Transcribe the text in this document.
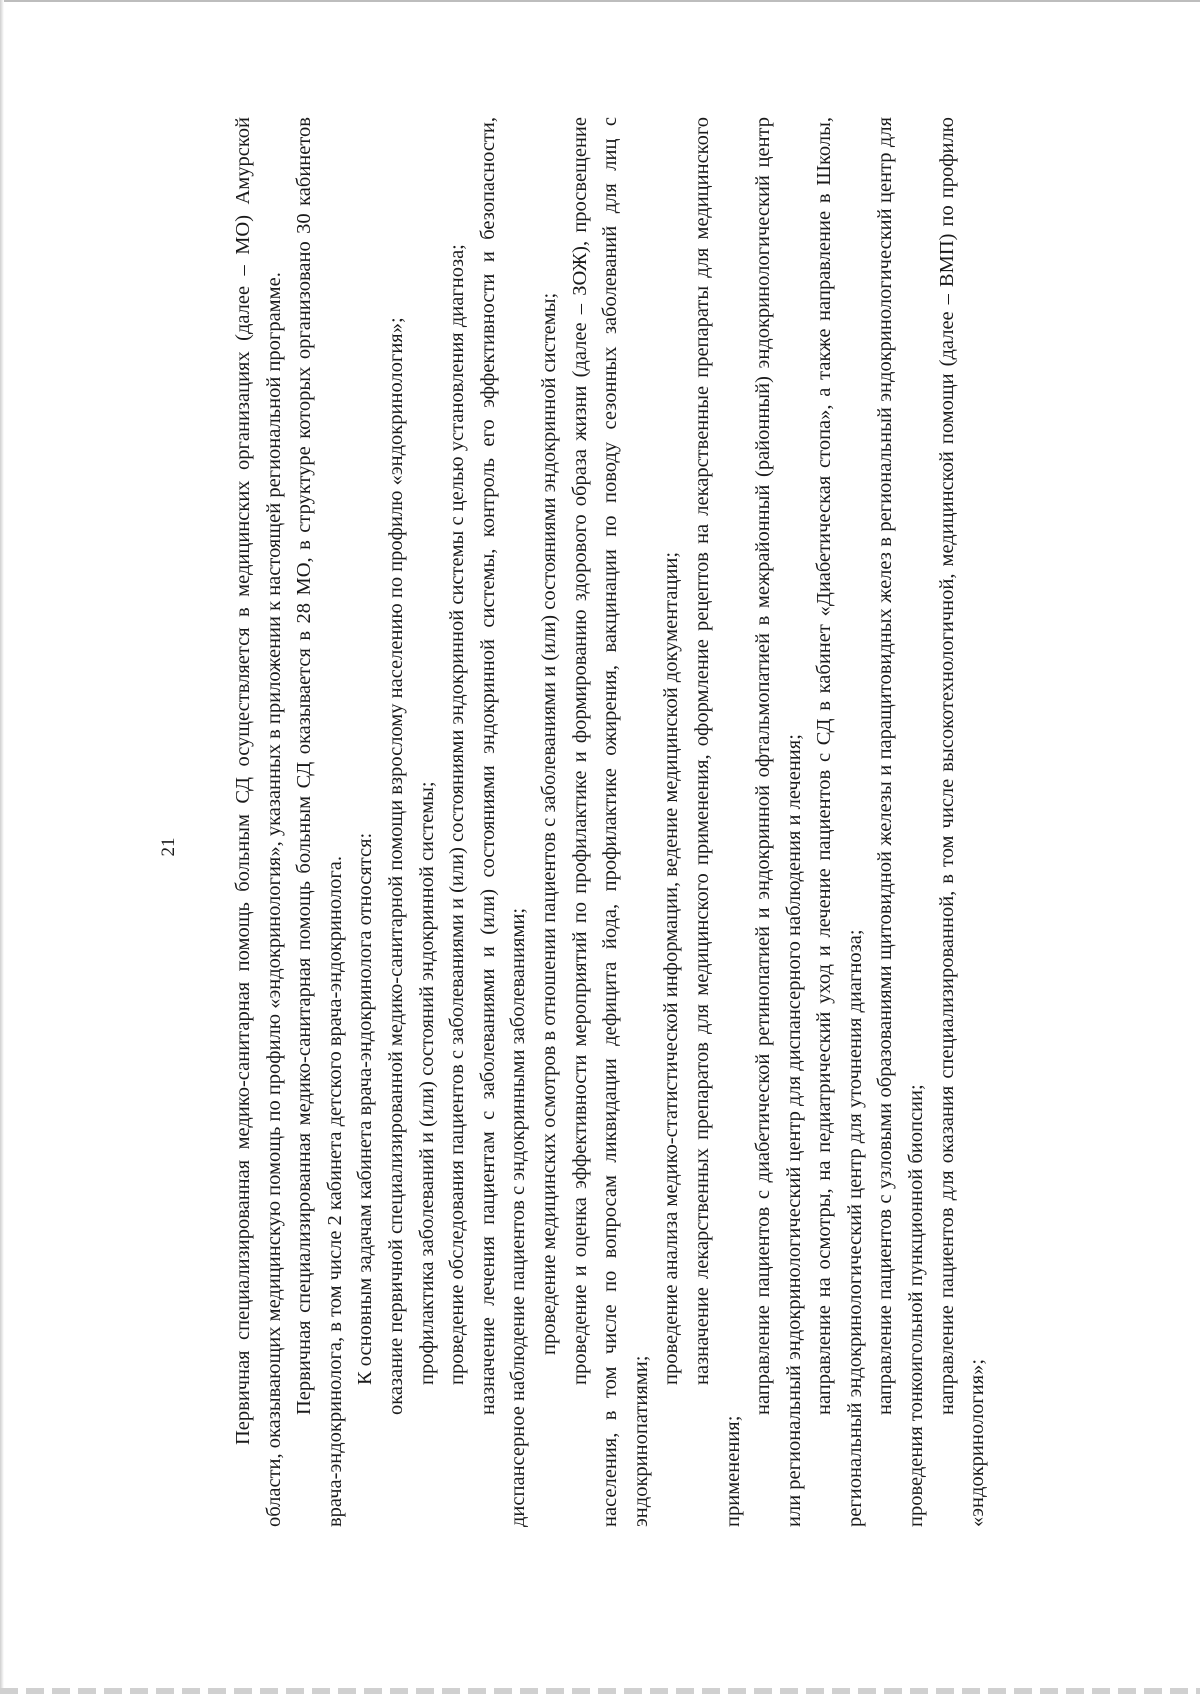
21	Первичная специализированная медико-санитарная помощь больным СД осуществляется в медицинских организациях (далее – МО) Амурской области, оказывающих медицинскую помощь по профилю «эндокринология», указанных в приложении к настоящей региональной программе. Первичная специализированная медико-санитарная помощь больным СД оказывается в 28 МО, в структуре которых организовано 30 кабинетов врача-эндокринолога, в том числе 2 кабинета детского врача-эндокринолога. К основным задачам кабинета врача-эндокринолога относятся: оказание первичной специализированной медико-санитарной помощи взрослому населению по профилю «эндокринология»; профилактика заболеваний и (или) состояний эндокринной системы; проведение обследования пациентов с заболеваниями и (или) состояниями эндокринной системы с целью установления диагноза; назначение лечения пациентам с заболеваниями и (или) состояниями эндокринной системы, контроль его эффективности и безопасности, диспансерное наблюдение пациентов с эндокринными заболеваниями; проведение медицинских осмотров в отношении пациентов с заболеваниями и (или) состояниями эндокринной системы; проведение и оценка эффективности мероприятий по профилактике и формированию здорового образа жизни (далее – ЗОЖ), просвещение населения, в том числе по вопросам ликвидации дефицита йода, профилактике ожирения, вакцинации по поводу сезонных заболеваний для лиц с эндокринопатиями;

проведение анализа медико-статистической информации, ведение медицинской документации; назначение лекарственных препаратов для медицинского применения, оформление рецептов на лекарственные препараты для медицинского применения;

направление пациентов с диабетической ретинопатией и эндокринной офтальмопатией в межрайонный (районный) эндокринологический центр или региональный эндокринологический центр для диспансерного наблюдения и лечения; направление на осмотры, на педиатрический уход и лечение пациентов с СД в кабинет «Диабетическая стопа», а также направление в Школы, региональный эндокринологический центр для уточнения диагноза; направление пациентов с узловыми образованиями щитовидной железы и паращитовидных желез в региональный эндокринологический центр для проведения тонкоигольной пункционной биопсии; направление пациентов для оказания специализированной, в том числе высокотехнологичной, медицинской помощи (далее – ВМП) по профилю «эндокринология»;
